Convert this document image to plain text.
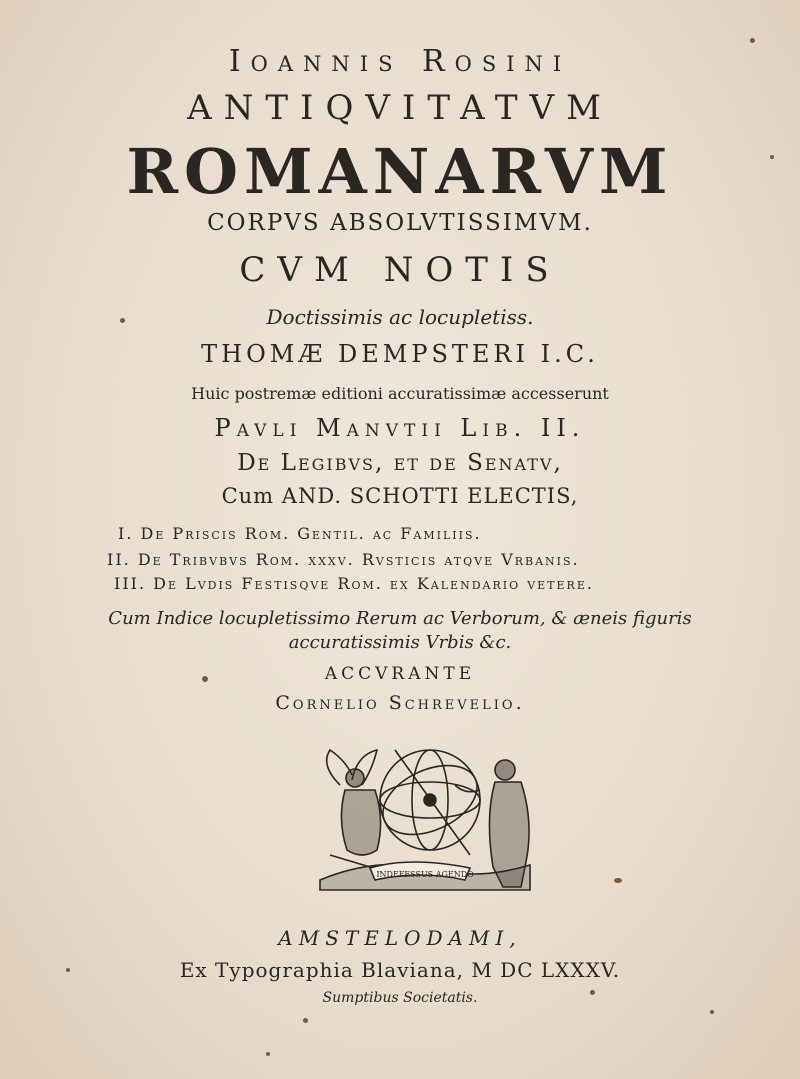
Ioannis Rosini
ANTIQVITATVM
ROMANARVM
CORPVS ABSOLVTISSIMVM.
CVM NOTIS
Doctissimis ac locupletiss.
THOMÆ DEMPSTERI I.C.
Huic postremæ editioni accuratissimæ accesserunt
Pavli Manvtii Lib. II.
De Legibvs, et de Senatv,
Cum AND. SCHOTTI ELECTIS,
I. De Priscis Rom. Gentil. ac Familiis.
II. De Tribvbvs Rom. xxxv. Rvsticis atqve Vrbanis.
III. De Lvdis Festisqve Rom. ex Kalendario vetere.
Cum Indice locupletissimo Rerum ac Verborum, & æneis figuris
accuratissimis Vrbis &c.
ACCVRANTE
Cornelio Schrevelio.
INDEFESSUS AGENDO
AMSTELODAMI,
Ex Typographia Blaviana, M DC LXXXV.
Sumptibus Societatis.
